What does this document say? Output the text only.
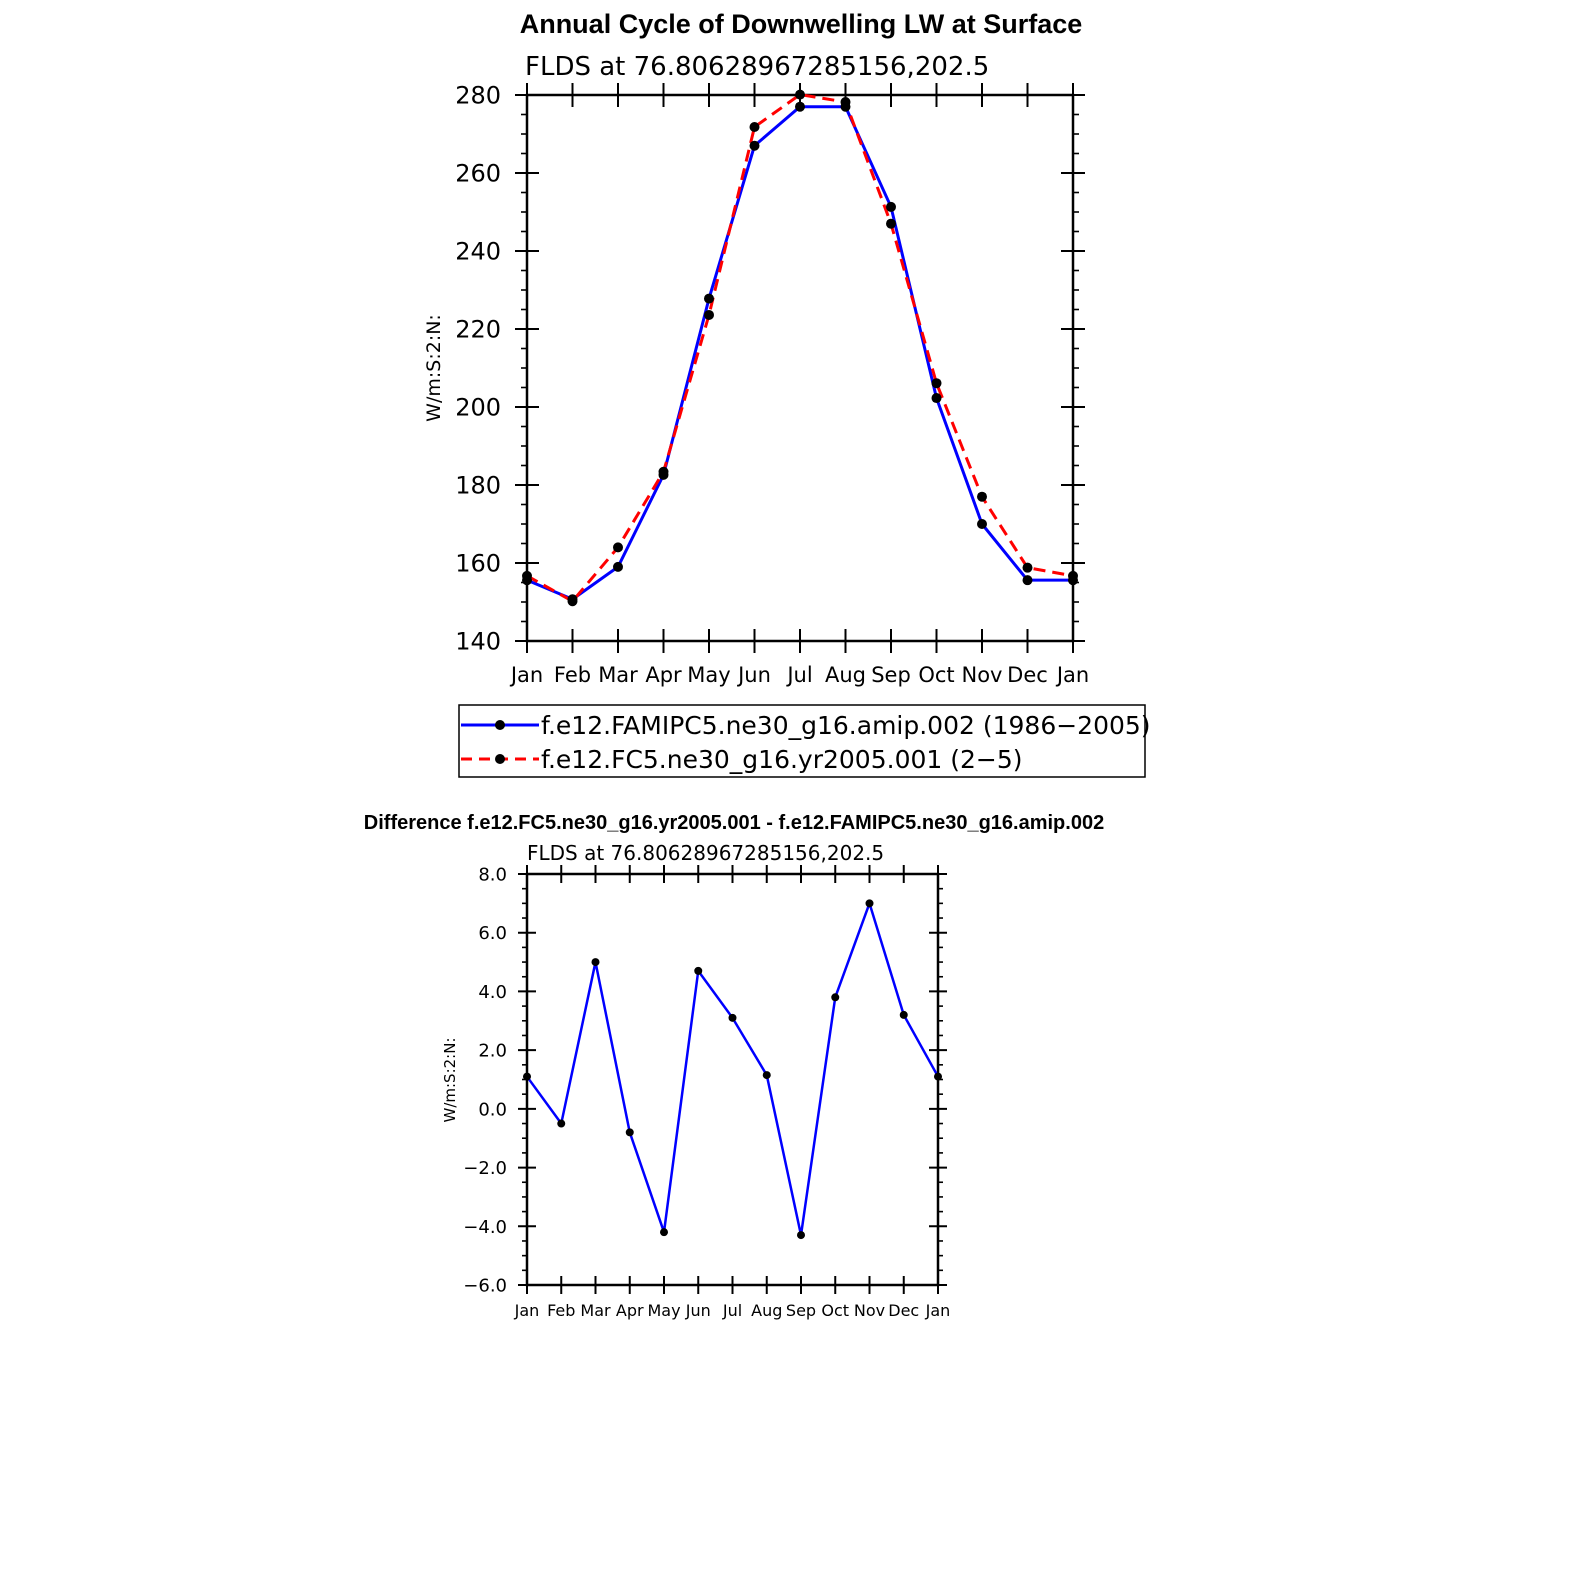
Annual Cycle of Downwelling LW at Surface
FLDS at 76.80628967285156,202.5
W/m:S:2:N:
Jan Feb Mar Apr May Jun Jul Aug Sep Oct Nov Dec Jan
140
160
180
200
220
240
260
280
f.e12.FAMIPC5.ne30_g16.amip.002 (1986−2005)
f.e12.FC5.ne30_g16.yr2005.001 (2−5)
Difference f.e12.FC5.ne30_g16.yr2005.001 - f.e12.FAMIPC5.ne30_g16.amip.002
FLDS at 76.80628967285156,202.5
W/m:S:2:N:
Jan Feb Mar Apr May Jun Jul Aug Sep Oct Nov Dec Jan
−6.0
−4.0
−2.0
0.0
2.0
4.0
6.0
8.0
